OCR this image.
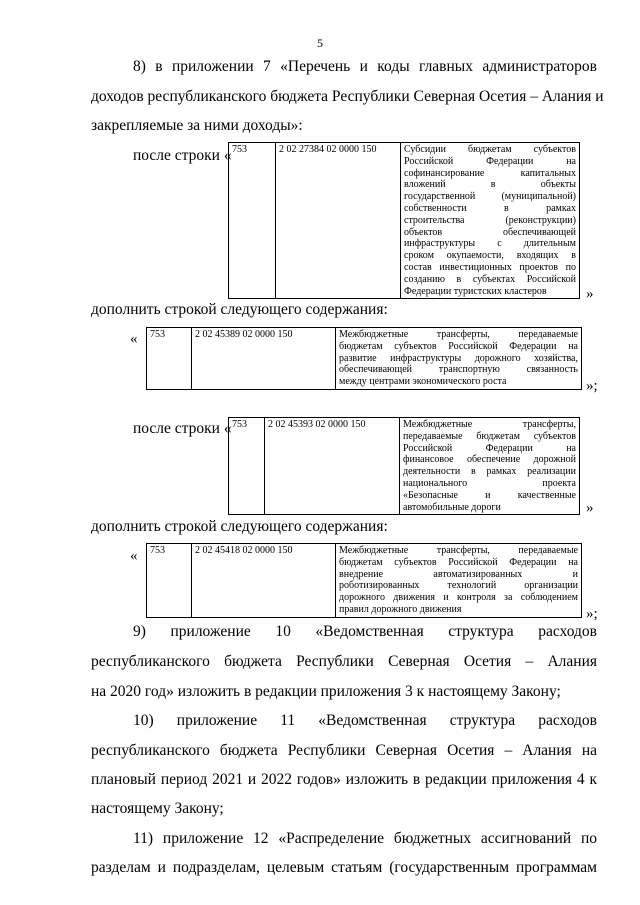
5
8) в приложении 7 «Перечень и коды главных администраторов
доходов республиканского бюджета Республики Северная Осетия – Алания и
закрепляемые за ними доходы»:
после строки « 753	2 02 27384 02 0000 150	Субсидии бюджетам субъектов
Российской Федерации на
софинансирование капитальных
вложений в объекты
государственной (муниципальной)
собственности в рамках
строительства (реконструкции)
объектов обеспечивающей
инфраструктуры с длительным
сроком окупаемости, входящих в
состав инвестиционных проектов по
созданию в субъектах Российской
Федерации туристских кластеров	»
дополнить строкой следующего содержания:
« 753	2 02 45389 02 0000 150	Межбюджетные трансферты, передаваемые
бюджетам субъектов Российской Федерации на
развитие инфраструктуры дорожного хозяйства,
обеспечивающей транспортную связанность
между центрами экономического роста	»;
после строки « 753	2 02 45393 02 0000 150	Межбюджетные трансферты,
передаваемые бюджетам субъектов
Российской Федерации на
финансовое обеспечение дорожной
деятельности в рамках реализации
национального проекта
«Безопасные и качественные
автомобильные дороги	»
дополнить строкой следующего содержания:
« 753	2 02 45418 02 0000 150	Межбюджетные трансферты, передаваемые
бюджетам субъектов Российской Федерации на
внедрение автоматизированных и
роботизированных технологий организации
дорожного движения и контроля за соблюдением
правил дорожного движения	»;
9) приложение 10 «Ведомственная структура расходов
республиканского бюджета Республики Северная Осетия – Алания
на 2020 год» изложить в редакции приложения 3 к настоящему Закону;
10) приложение 11 «Ведомственная структура расходов
республиканского бюджета Республики Северная Осетия – Алания на
плановый период 2021 и 2022 годов» изложить в редакции приложения 4 к
настоящему Закону;
11) приложение 12 «Распределение бюджетных ассигнований по
разделам и подразделам, целевым статьям (государственным программам
